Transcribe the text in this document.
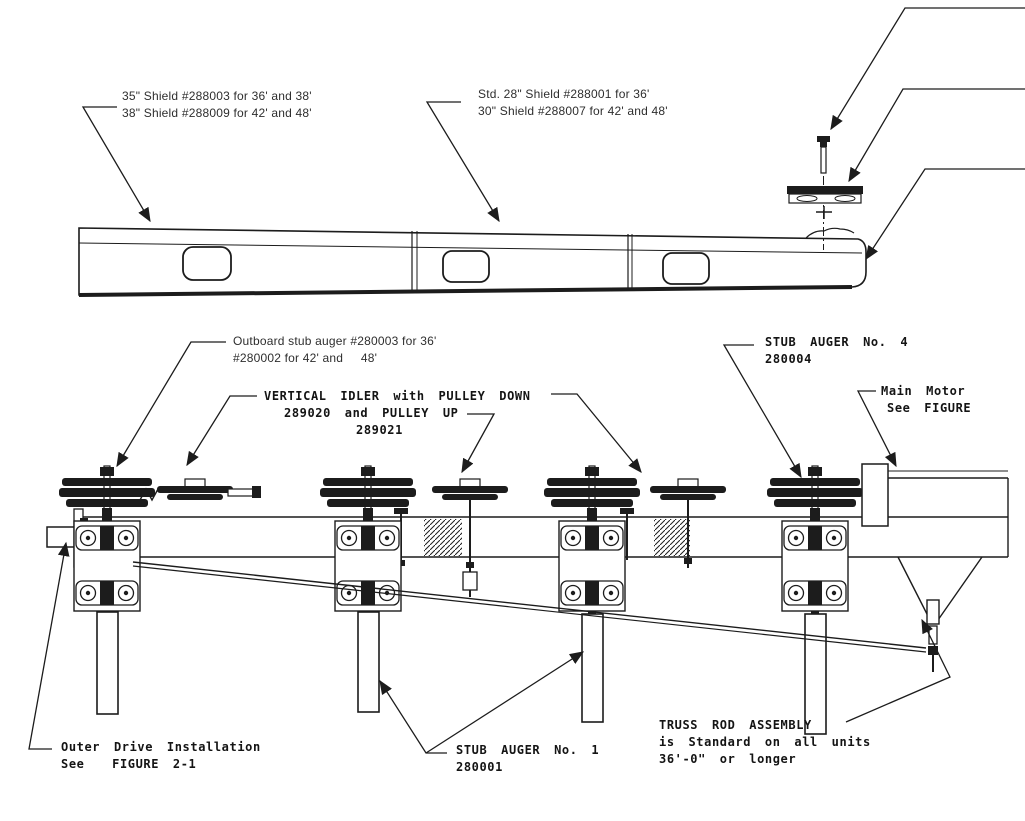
35" Shield #288003 for 36' and 38'
38" Shield #288009 for 42' and 48'
Std. 28" Shield #288001 for 36'
30" Shield #288007 for 42' and 48'
Outboard stub auger #280003 for 36'
#280002 for 42' and     48'
VERTICAL IDLER with PULLEY DOWN
289020 and PULLEY UP
289021
STUB AUGER No. 4
280004
Main Motor
See FIGURE
Outer Drive Installation
See  FIGURE 2-1
STUB AUGER No. 1
280001
TRUSS ROD ASSEMBLY
is Standard on all units
36'-0" or longer
